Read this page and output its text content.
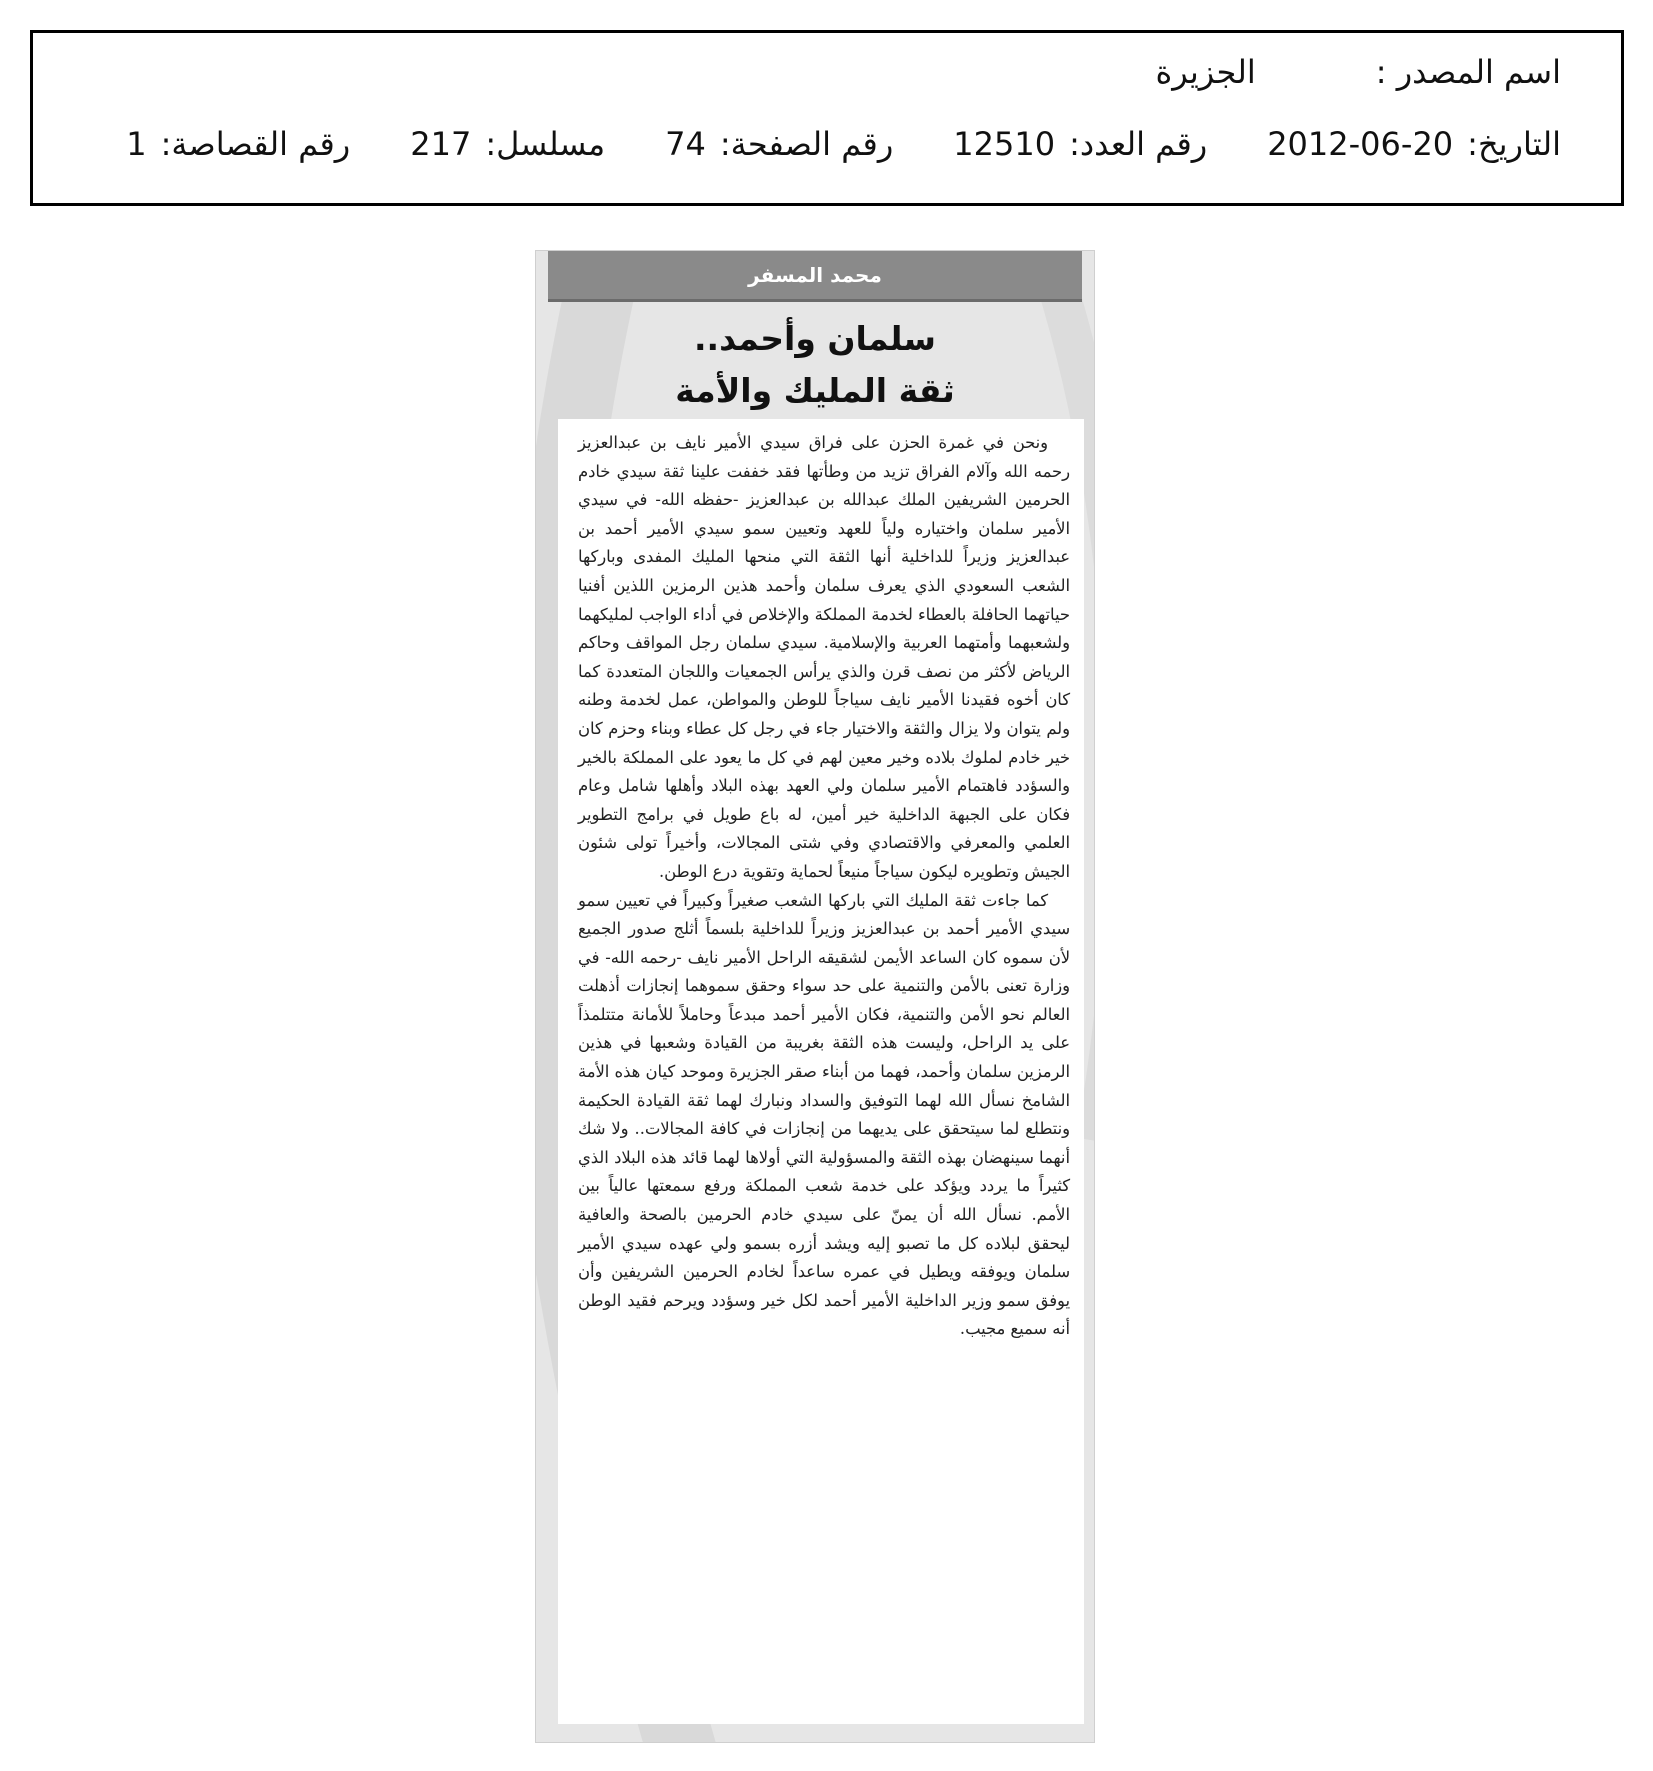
اسم المصدر :
الجزيرة
التاريخ:
2012-06-20
رقم العدد:
12510
رقم الصفحة:
74
مسلسل:
217
رقم القصاصة:
1
محمد المسفر
سلمان وأحمد..
ثقة المليك والأمة

ونحن في غمرة الحزن على فراق سيدي الأمير نايف بن عبدالعزيز رحمه الله وآلام الفراق تزيد من وطأتها فقد خففت علينا ثقة سيدي خادم الحرمين الشريفين الملك عبدالله بن عبدالعزيز -حفظه الله- في سيدي الأمير سلمان واختياره ولياً للعهد وتعيين سمو سيدي الأمير أحمد بن عبدالعزيز وزيراً للداخلية أنها الثقة التي منحها المليك المفدى وباركها الشعب السعودي الذي يعرف سلمان وأحمد هذين الرمزين اللذين أفنيا حياتهما الحافلة بالعطاء لخدمة المملكة والإخلاص في أداء الواجب لمليكهما ولشعبهما وأمتهما العربية والإسلامية. سيدي سلمان رجل المواقف وحاكم الرياض لأكثر من نصف قرن والذي يرأس الجمعيات واللجان المتعددة كما كان أخوه فقيدنا الأمير نايف سياجاً للوطن والمواطن، عمل لخدمة وطنه ولم يتوان ولا يزال والثقة والاختيار جاء في رجل كل عطاء وبناء وحزم كان خير خادم لملوك بلاده وخير معين لهم في كل ما يعود على المملكة بالخير والسؤدد فاهتمام الأمير سلمان ولي العهد بهذه البلاد وأهلها شامل وعام فكان على الجبهة الداخلية خير أمين، له باع طويل في برامج التطوير العلمي والمعرفي والاقتصادي وفي شتى المجالات، وأخيراً تولى شئون الجيش وتطويره ليكون سياجاً منيعاً لحماية وتقوية درع الوطن.

كما جاءت ثقة المليك التي باركها الشعب صغيراً وكبيراً في تعيين سمو سيدي الأمير أحمد بن عبدالعزيز وزيراً للداخلية بلسماً أثلج صدور الجميع لأن سموه كان الساعد الأيمن لشقيقه الراحل الأمير نايف -رحمه الله- في وزارة تعنى بالأمن والتنمية على حد سواء وحقق سموهما إنجازات أذهلت العالم نحو الأمن والتنمية، فكان الأمير أحمد مبدعاً وحاملاً للأمانة متتلمذاً على يد الراحل، وليست هذه الثقة بغريبة من القيادة وشعبها في هذين الرمزين سلمان وأحمد، فهما من أبناء صقر الجزيرة وموحد كيان هذه الأمة الشامخ نسأل الله لهما التوفيق والسداد ونبارك لهما ثقة القيادة الحكيمة ونتطلع لما سيتحقق على يديهما من إنجازات في كافة المجالات.. ولا شك أنهما سينهضان بهذه الثقة والمسؤولية التي أولاها لهما قائد هذه البلاد الذي كثيراً ما يردد ويؤكد على خدمة شعب المملكة ورفع سمعتها عالياً بين الأمم. نسأل الله أن يمنّ على سيدي خادم الحرمين بالصحة والعافية ليحقق لبلاده كل ما تصبو إليه ويشد أزره بسمو ولي عهده سيدي الأمير سلمان ويوفقه ويطيل في عمره ساعداً لخادم الحرمين الشريفين وأن يوفق سمو وزير الداخلية الأمير أحمد لكل خير وسؤدد ويرحم فقيد الوطن أنه سميع مجيب.
